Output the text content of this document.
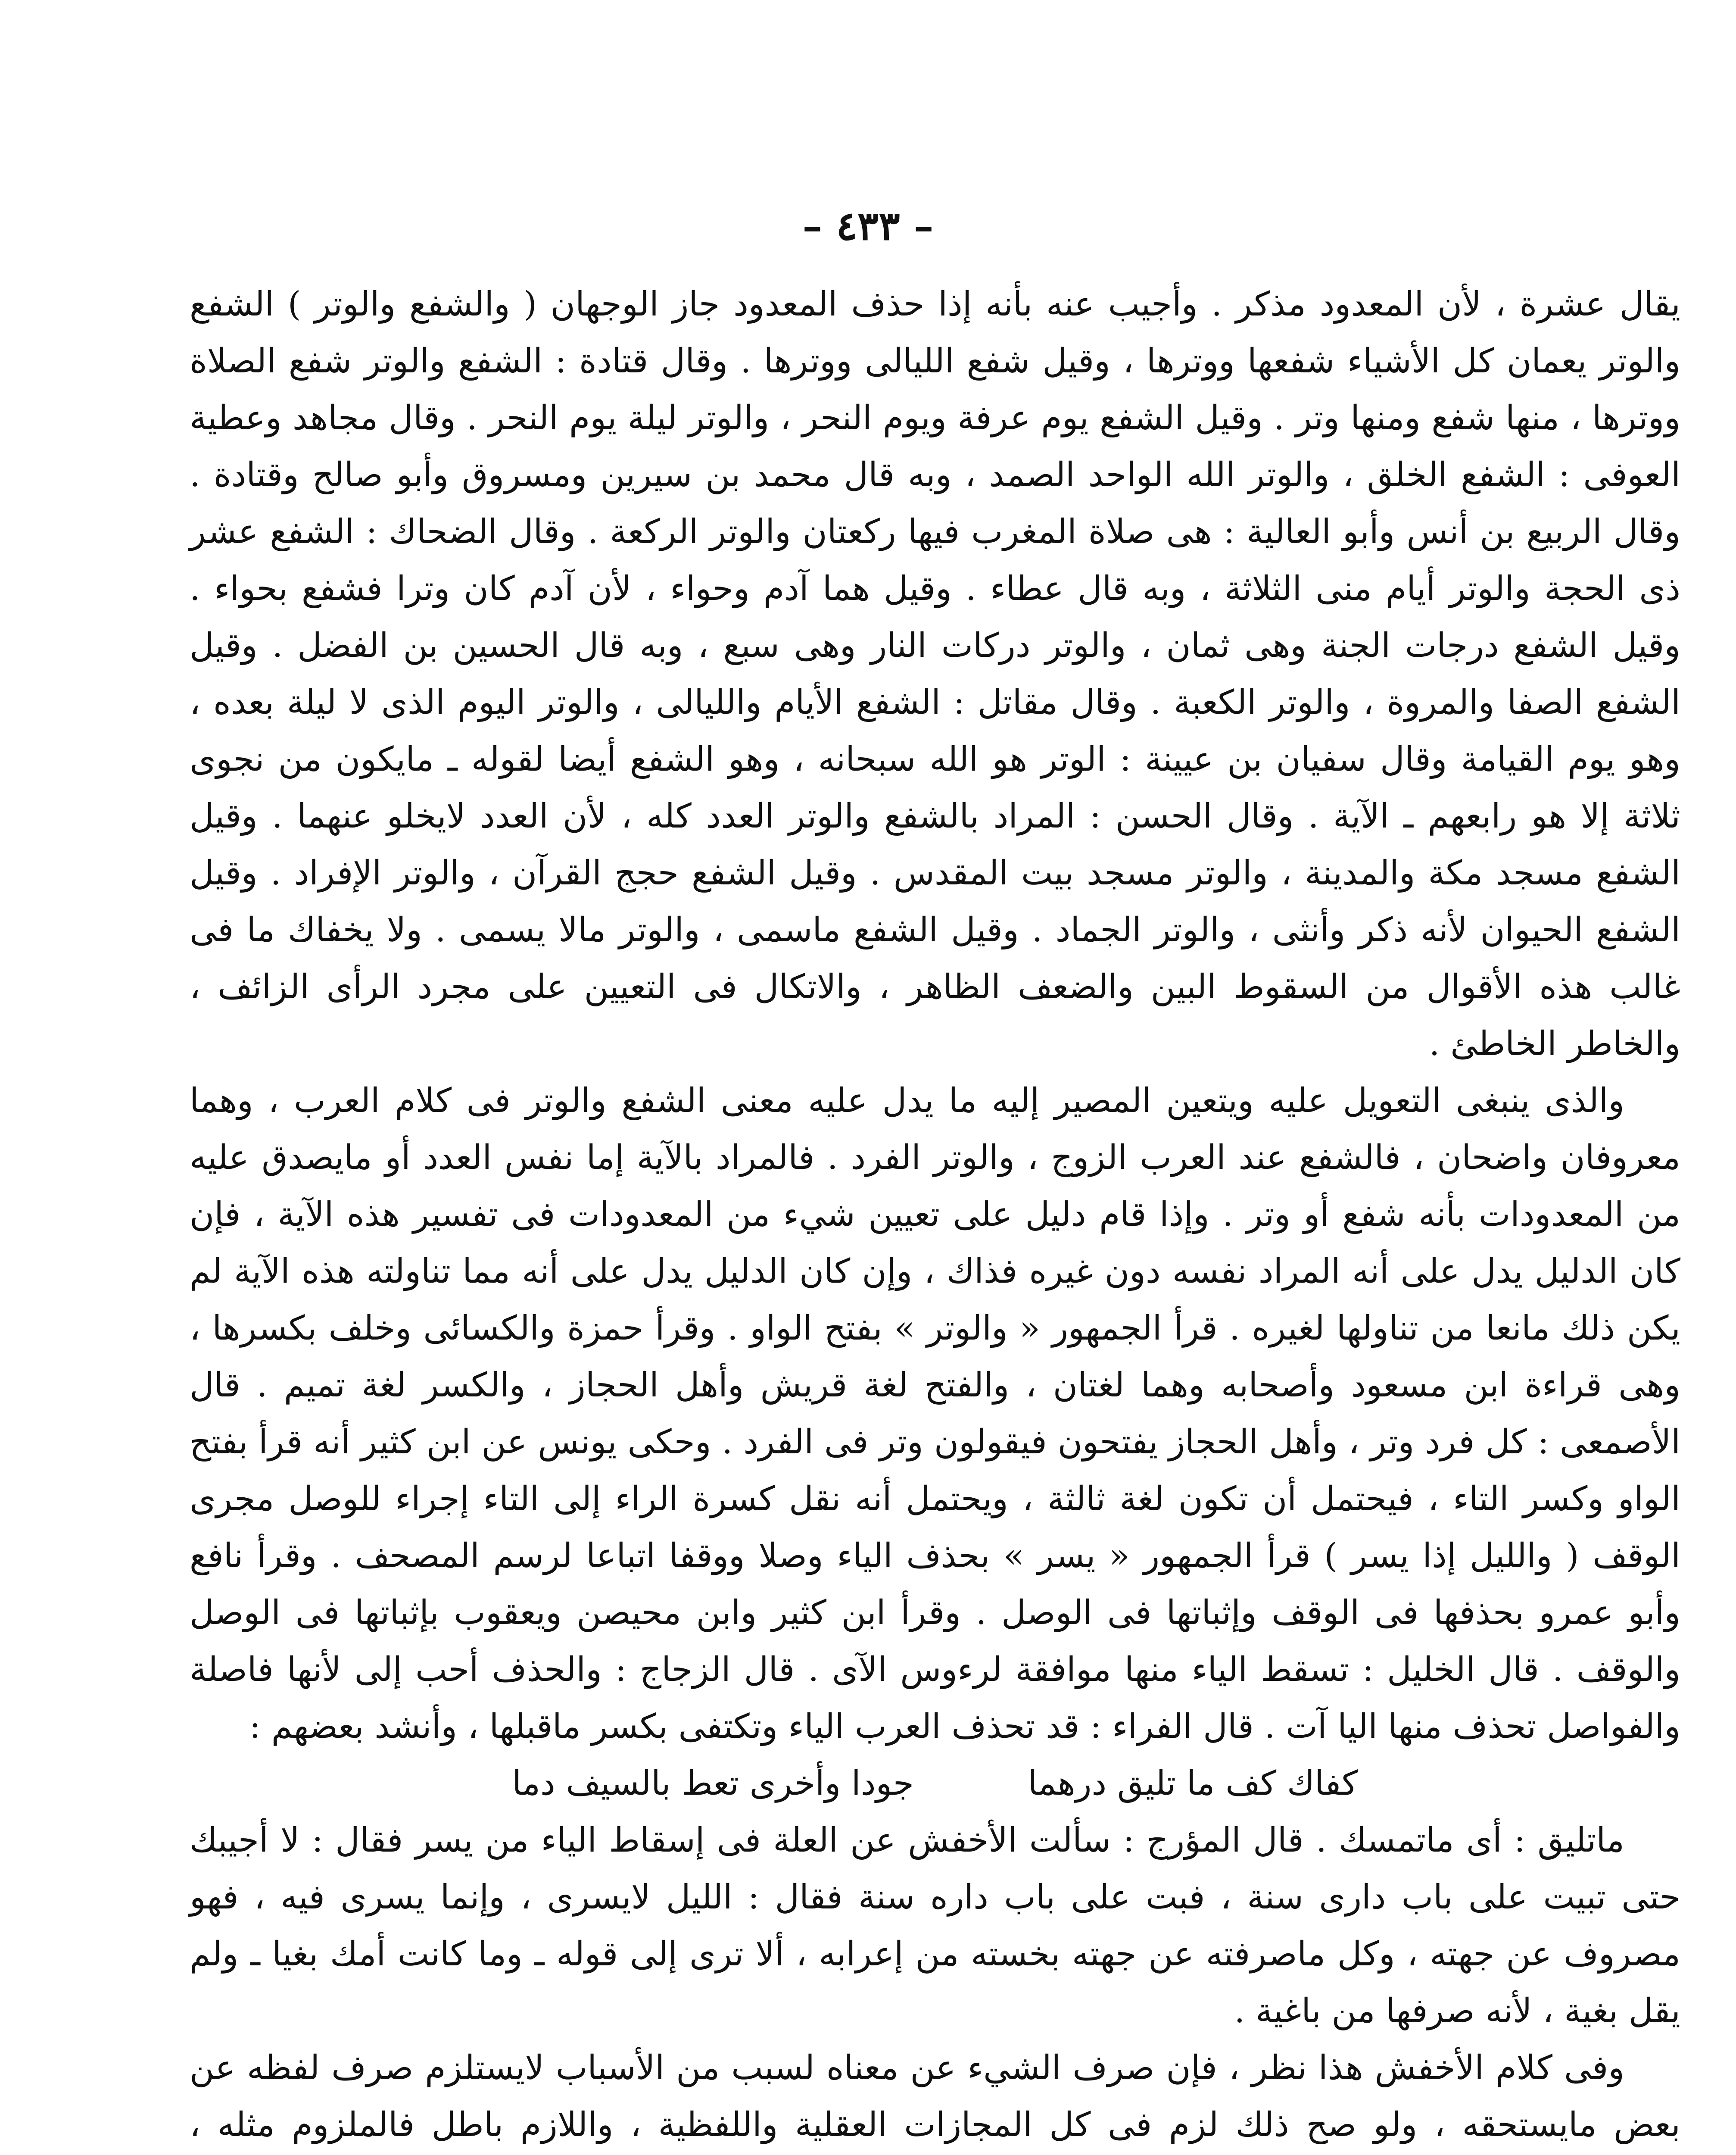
– ٤٣٣ –

يقال عشرة ، لأن المعدود مذكر . وأجيب عنه بأنه إذا حذف المعدود جاز الوجهان ( والشفع والوتر ) الشفع والوتر يعمان كل الأشياء شفعها ووترها ، وقيل شفع الليالى ووترها . وقال قتادة : الشفع والوتر شفع الصلاة ووترها ، منها شفع ومنها وتر . وقيل الشفع يوم عرفة ويوم النحر ، والوتر ليلة يوم النحر . وقال مجاهد وعطية العوفى : الشفع الخلق ، والوتر الله الواحد الصمد ، وبه قال محمد بن سيرين ومسروق وأبو صالح وقتادة . وقال الربيع بن أنس وأبو العالية : هى صلاة المغرب فيها ركعتان والوتر الركعة . وقال الضحاك : الشفع عشر ذى الحجة والوتر أيام منى الثلاثة ، وبه قال عطاء . وقيل هما آدم وحواء ، لأن آدم كان وترا فشفع بحواء . وقيل الشفع درجات الجنة وهى ثمان ، والوتر دركات النار وهى سبع ، وبه قال الحسين بن الفضل . وقيل الشفع الصفا والمروة ، والوتر الكعبة . وقال مقاتل : الشفع الأيام والليالى ، والوتر اليوم الذى لا ليلة بعده ، وهو يوم القيامة وقال سفيان بن عيينة : الوتر هو الله سبحانه ، وهو الشفع أيضا لقوله ـ مايكون من نجوى ثلاثة إلا هو رابعهم ـ الآية . وقال الحسن : المراد بالشفع والوتر العدد كله ، لأن العدد لايخلو عنهما . وقيل الشفع مسجد مكة والمدينة ، والوتر مسجد بيت المقدس . وقيل الشفع حجج القرآن ، والوتر الإفراد . وقيل الشفع الحيوان لأنه ذكر وأنثى ، والوتر الجماد . وقيل الشفع ماسمى ، والوتر مالا يسمى . ولا يخفاك ما فى غالب هذه الأقوال من السقوط البين والضعف الظاهر ، والاتكال فى التعيين على مجرد الرأى الزائف ، والخاطر الخاطئ .

والذى ينبغى التعويل عليه ويتعين المصير إليه ما يدل عليه معنى الشفع والوتر فى كلام العرب ، وهما معروفان واضحان ، فالشفع عند العرب الزوج ، والوتر الفرد . فالمراد بالآية إما نفس العدد أو مايصدق عليه من المعدودات بأنه شفع أو وتر . وإذا قام دليل على تعيين شيء من المعدودات فى تفسير هذه الآية ، فإن كان الدليل يدل على أنه المراد نفسه دون غيره فذاك ، وإن كان الدليل يدل على أنه مما تناولته هذه الآية لم يكن ذلك مانعا من تناولها لغيره . قرأ الجمهور « والوتر » بفتح الواو . وقرأ حمزة والكسائى وخلف بكسرها ، وهى قراءة ابن مسعود وأصحابه وهما لغتان ، والفتح لغة قريش وأهل الحجاز ، والكسر لغة تميم . قال الأصمعى : كل فرد وتر ، وأهل الحجاز يفتحون فيقولون وتر فى الفرد . وحكى يونس عن ابن كثير أنه قرأ بفتح الواو وكسر التاء ، فيحتمل أن تكون لغة ثالثة ، ويحتمل أنه نقل كسرة الراء إلى التاء إجراء للوصل مجرى الوقف ( والليل إذا يسر ) قرأ الجمهور « يسر » بحذف الياء وصلا ووقفا اتباعا لرسم المصحف . وقرأ نافع وأبو عمرو بحذفها فى الوقف وإثباتها فى الوصل . وقرأ ابن كثير وابن محيصن ويعقوب بإثباتها فى الوصل والوقف . قال الخليل : تسقط الياء منها موافقة لرءوس الآى . قال الزجاج : والحذف أحب إلى لأنها فاصلة والفواصل تحذف منها اليا آت . قال الفراء : قد تحذف العرب الياء وتكتفى بكسر ماقبلها ، وأنشد بعضهم :

كفاك كف ما تليق درهما جودا وأخرى تعط بالسيف دما

ماتليق : أى ماتمسك . قال المؤرج : سألت الأخفش عن العلة فى إسقاط الياء من يسر فقال : لا أجيبك حتى تبيت على باب دارى سنة ، فبت على باب داره سنة فقال : الليل لايسرى ، وإنما يسرى فيه ، فهو مصروف عن جهته ، وكل ماصرفته عن جهته بخسته من إعرابه ، ألا ترى إلى قوله ـ وما كانت أمك بغيا ـ ولم يقل بغية ، لأنه صرفها من باغية .

وفى كلام الأخفش هذا نظر ، فإن صرف الشيء عن معناه لسبب من الأسباب لايستلزم صرف لفظه عن بعض مايستحقه ، ولو صح ذلك لزم فى كل المجازات العقلية واللفظية ، واللازم باطل فالملزوم مثله ،
